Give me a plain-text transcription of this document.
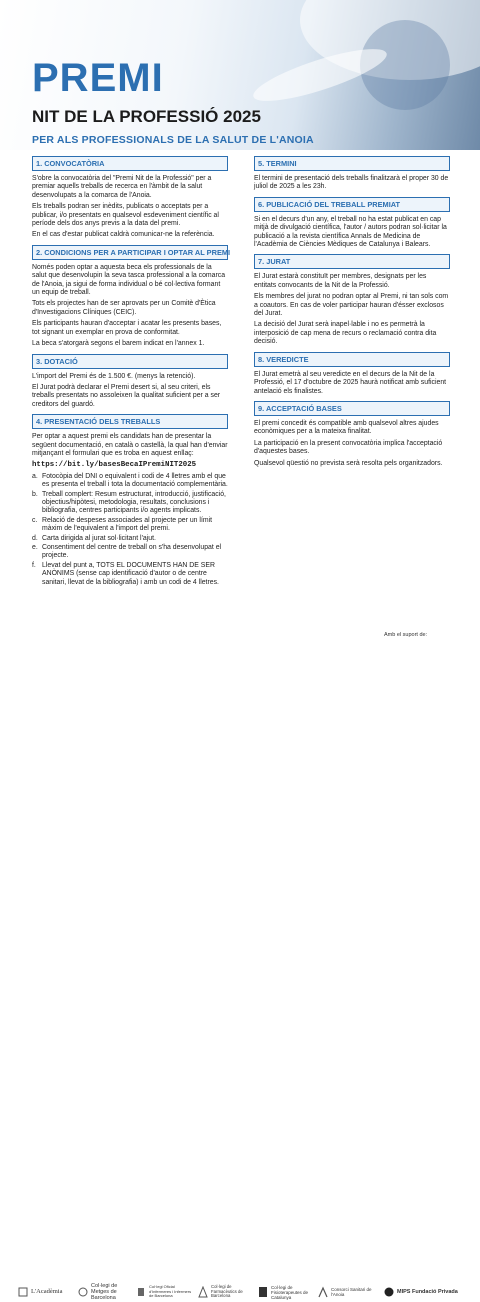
PREMI
NIT DE LA PROFESSIÓ 2025
PER ALS PROFESSIONALS DE LA SALUT DE L'ANOIA
1. CONVOCATÒRIA

S'obre la convocatòria del "Premi Nit de la Professió" per a premiar aquells treballs de recerca en l'àmbit de la salut desenvolupats a la comarca de l'Anoia.

Els treballs podran ser inèdits, publicats o acceptats per a publicar, i/o presentats en qualsevol esdeveniment científic al període dels dos anys previs a la data del premi.

En el cas d'estar publicat caldrà comunicar-ne la referència.

2. CONDICIONS PER A PARTICIPAR I OPTAR AL PREMI

Només poden optar a aquesta beca els professionals de la salut que desenvolupin la seva tasca professional a la comarca de l'Anoia, ja sigui de forma individual o bé col·lectiva formant un equip de treball.

Tots els projectes han de ser aprovats per un Comitè d'Ètica d'Investigacions Clíniques (CEIC).

Els participants hauran d'acceptar i acatar les presents bases, tot signant un exemplar en prova de conformitat.

La beca s'atorgarà segons el barem indicat en l'annex 1.

3. DOTACIÓ

L'import del Premi és de 1.500 €. (menys la retenció).

El Jurat podrà declarar el Premi desert si, al seu criteri, els treballs presentats no assoleixen la qualitat suficient per a ser creditors del guardó.

4. PRESENTACIÓ DELS TREBALLS

Per optar a aquest premi els candidats han de presentar la següent documentació, en català o castellà, la qual han d'enviar mitjançant el formulari que es troba en aquest enllaç:

https://bit.ly/basesBecaIPremiNIT2025

a. Fotocòpia del DNI o equivalent i codi de 4 lletres amb el que es presenta el treball i tota la documentació complementària.
b. Treball complert: Resum estructurat, introducció, justificació, objectius/hipòtesi, metodologia, resultats, conclusions i bibliografia, centres participants i/o agents implicats.
c. Relació de despeses associades al projecte per un límit màxim de l'equivalent a l'import del premi.
d. Carta dirigida al jurat sol·licitant l'ajut.
e. Consentiment del centre de treball on s'ha desenvolupat el projecte.
f. Llevat del punt a, TOTS EL DOCUMENTS HAN DE SER ANÒNIMS (sense cap identificació d'autor o de centre sanitari, llevat de la bibliografia) i amb un codi de 4 lletres.
5. TERMINI

El termini de presentació dels treballs finalitzarà el proper 30 de juliol de 2025 a les 23h.

6. PUBLICACIÓ DEL TREBALL PREMIAT

Si en el decurs d'un any, el treball no ha estat publicat en cap mitjà de divulgació científica, l'autor / autors podran sol·licitar la publicació a la revista científica Annals de Medicina de l'Acadèmia de Ciències Mèdiques de Catalunya i Balears.

7. JURAT

El Jurat estarà constituït per membres, designats per les entitats convocants de la Nit de la Professió.

Els membres del jurat no podran optar al Premi, ni tan sols com a coautors. En cas de voler participar hauran d'ésser exclosos del Jurat.

La decisió del Jurat serà inapel·lable i no es permetrà la interposició de cap mena de recurs o reclamació contra dita decisió.

8. VEREDICTE

El Jurat emetrà al seu veredicte en el decurs de la Nit de la Professió, el 17 d'octubre de 2025 haurà notificat amb suficient antelació els finalistes.

9. ACCEPTACIÓ BASES

El premi concedit és compatible amb qualsevol altres ajudes econòmiques per a la mateixa finalitat.

La participació en la present convocatòria implica l'acceptació d'aquestes bases.

Qualsevol qüestió no prevista serà resolta pels organitzadors.

Amb el suport de:

L'Acadèmia
Col·legi de Metges de Barcelona
Col·legi Oficial d'Infermeres i Infermers de Barcelona
Col·legi de Farmacèutics de Barcelona
Col·legi de Fisioterapeutes de Catalunya
Consorci Sanitari de l'Anoia	MIPS Fundació Privada
